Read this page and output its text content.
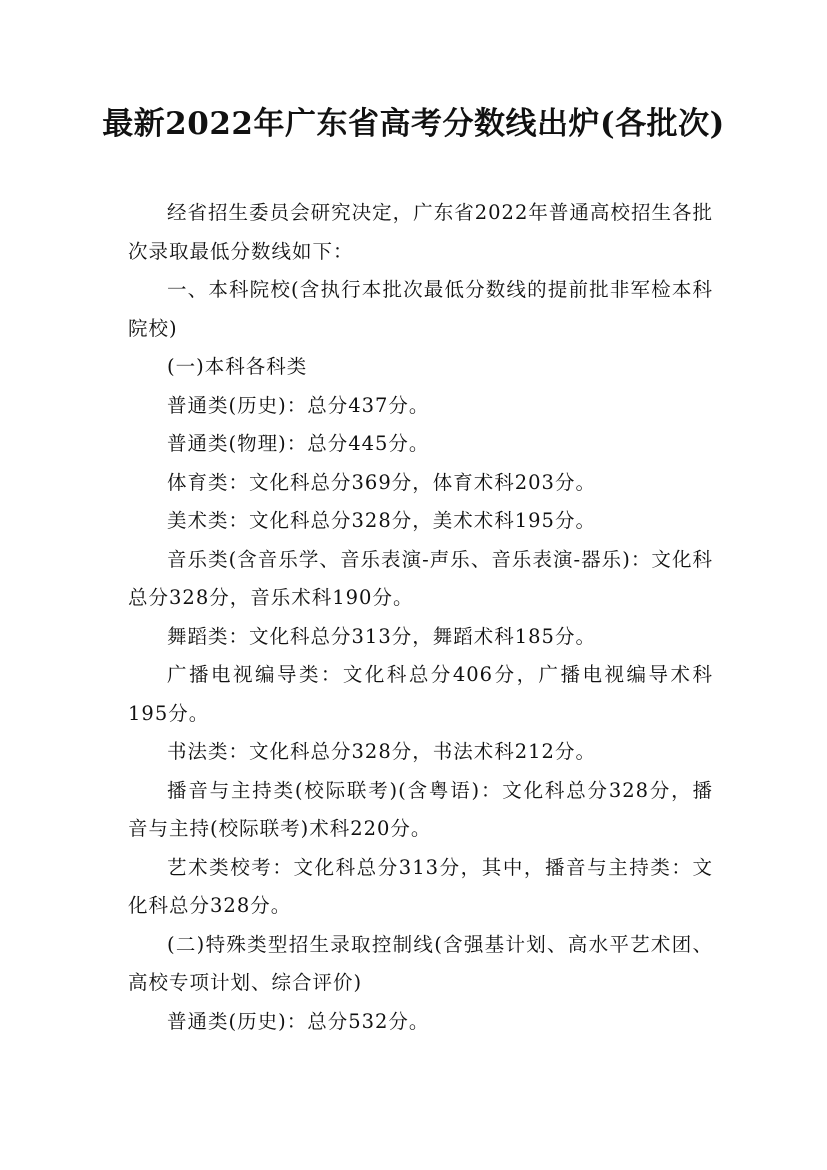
最新2022年广东省高考分数线出炉(各批次)

经省招生委员会研究决定，广东省2022年普通高校招生各批次录取最低分数线如下：

一、本科院校(含执行本批次最低分数线的提前批非军检本科院校)

(一)本科各科类

普通类(历史)：总分437分。

普通类(物理)：总分445分。

体育类：文化科总分369分，体育术科203分。

美术类：文化科总分328分，美术术科195分。

音乐类(含音乐学、音乐表演-声乐、音乐表演-器乐)：文化科总分328分，音乐术科190分。

舞蹈类：文化科总分313分，舞蹈术科185分。

广播电视编导类：文化科总分406分，广播电视编导术科195分。

书法类：文化科总分328分，书法术科212分。

播音与主持类(校际联考)(含粤语)：文化科总分328分，播音与主持(校际联考)术科220分。

艺术类校考：文化科总分313分，其中，播音与主持类：文化科总分328分。

(二)特殊类型招生录取控制线(含强基计划、高水平艺术团、高校专项计划、综合评价)

普通类(历史)：总分532分。
